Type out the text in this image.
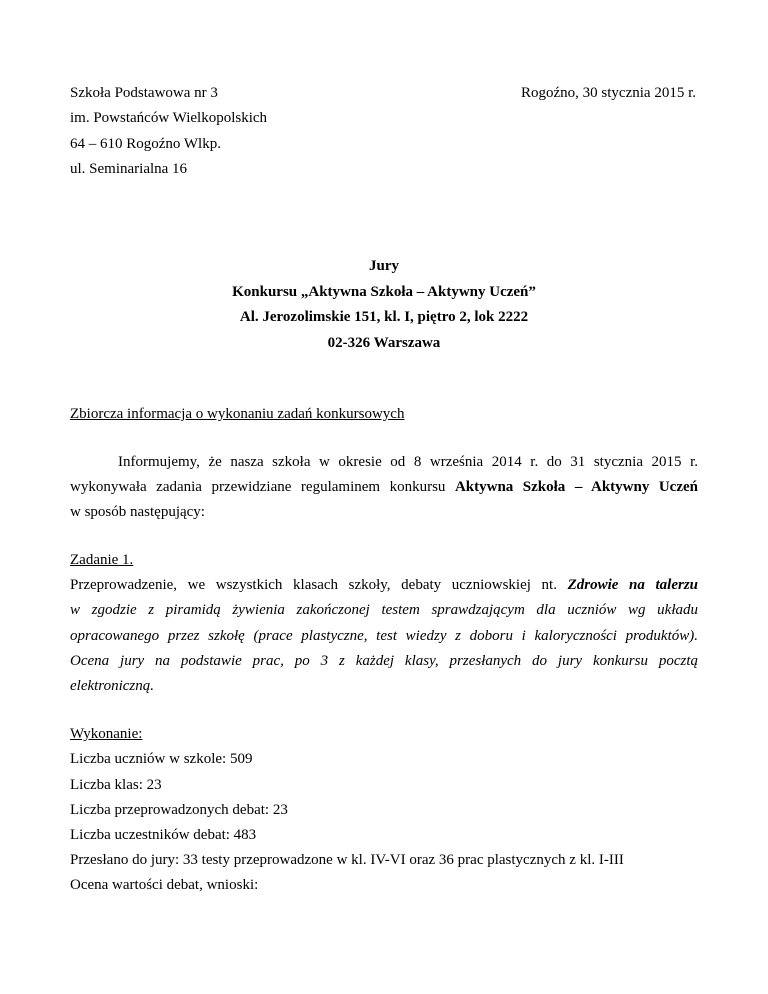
Szkoła Podstawowa nr 3
im. Powstańców Wielkopolskich
64 – 610 Rogoźno Wlkp.
ul. Seminarialna 16
Rogoźno, 30 stycznia 2015 r.
Jury
Konkursu „Aktywna Szkoła – Aktywny Uczeń”
Al. Jerozolimskie 151, kl. I, piętro 2, lok 2222
02-326 Warszawa
Zbiorcza informacja o wykonaniu zadań konkursowych
Informujemy, że nasza szkoła w okresie od 8 września 2014 r. do 31 stycznia 2015 r.
wykonywała zadania przewidziane regulaminem konkursu Aktywna Szkoła – Aktywny Uczeń
w sposób następujący:
Zadanie 1.
Przeprowadzenie, we wszystkich klasach szkoły, debaty uczniowskiej nt. Zdrowie na talerzu
w zgodzie z piramidą żywienia zakończonej testem sprawdzającym dla uczniów wg układu
opracowanego przez szkołę (prace plastyczne, test wiedzy z doboru i kaloryczności produktów).
Ocena jury na podstawie prac, po 3 z każdej klasy, przesłanych do jury konkursu pocztą
elektroniczną.
Wykonanie:
Liczba uczniów w szkole: 509
Liczba klas: 23
Liczba przeprowadzonych debat: 23
Liczba uczestników debat: 483
Przesłano do jury: 33 testy przeprowadzone w kl. IV-VI oraz 36 prac plastycznych z kl. I-III
Ocena wartości debat, wnioski:
